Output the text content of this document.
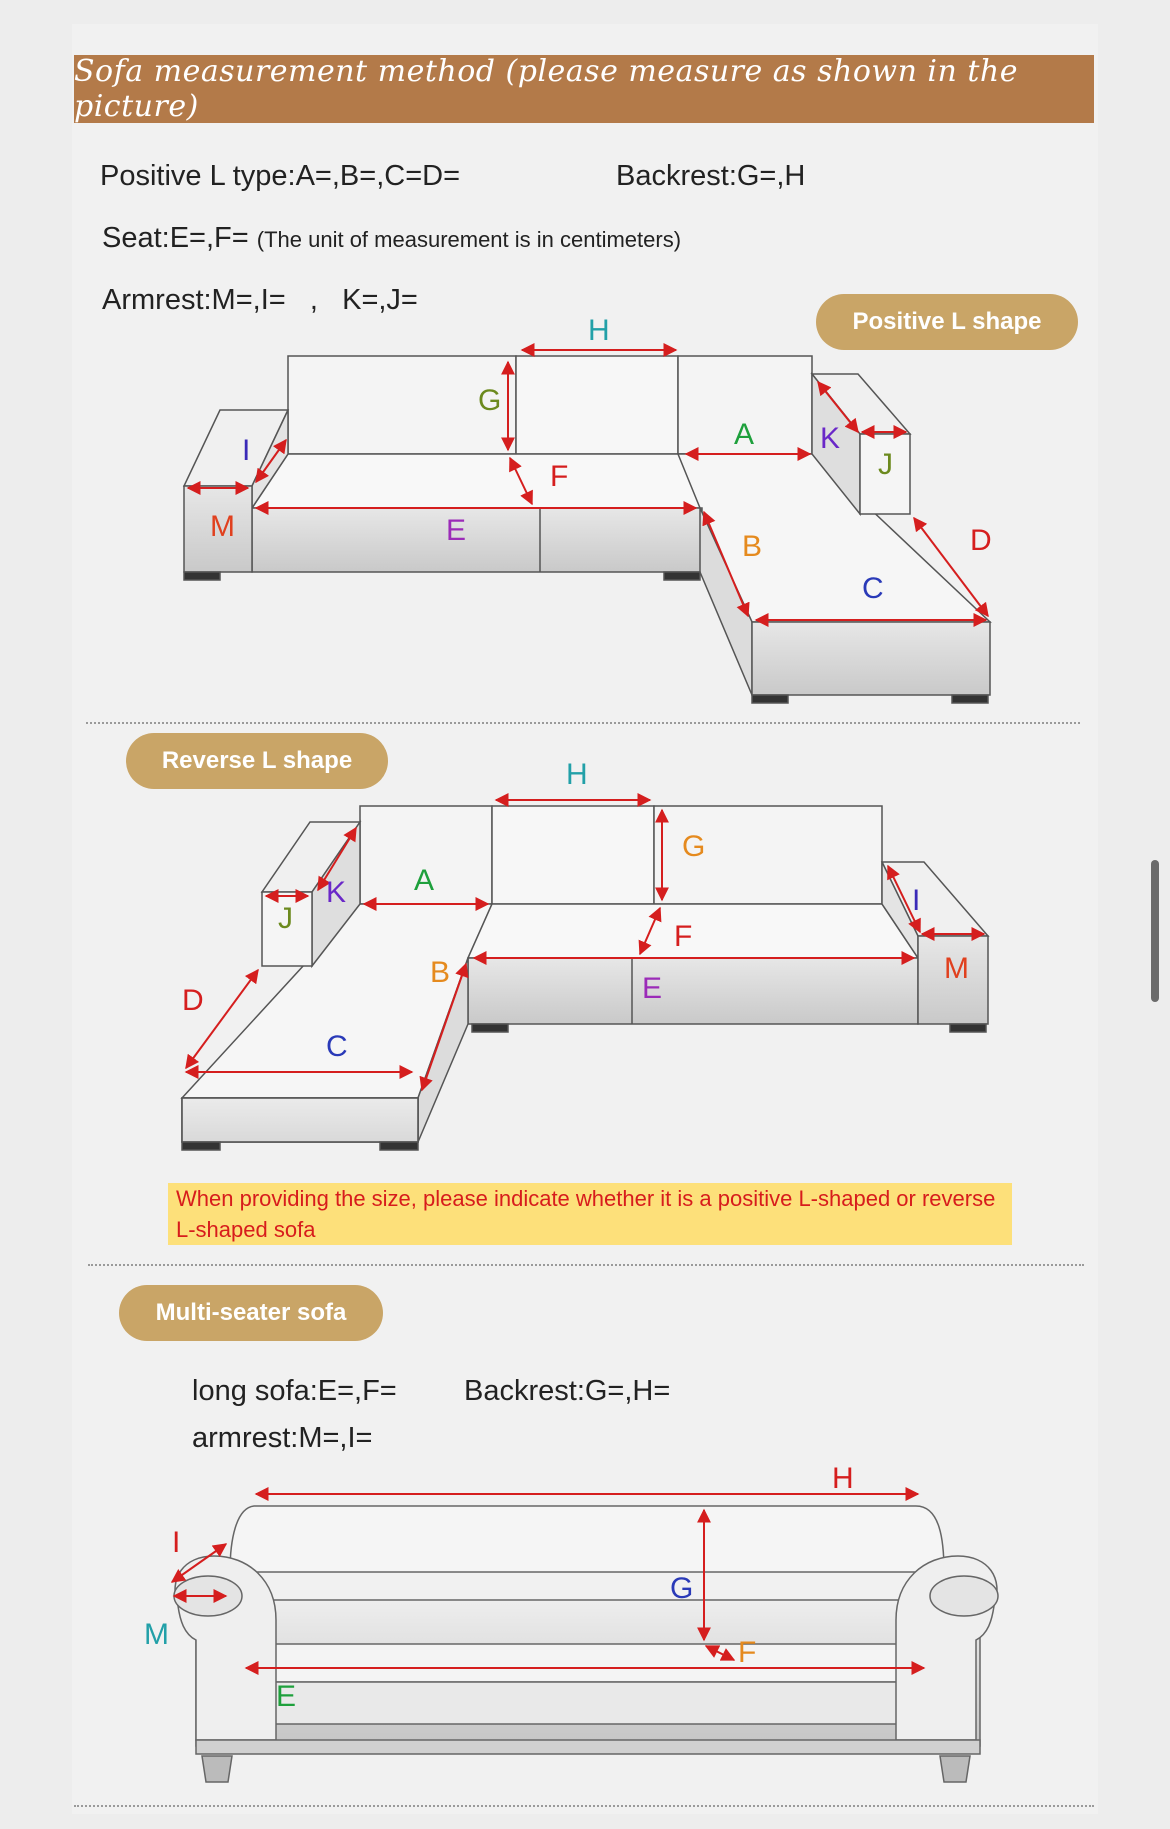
Sofa measurement method (please measure as shown in the picture)
Positive L type:A=,B=,C=D=	Backrest:G=,H
Seat:E=,F= (The unit of measurement is in centimeters)
Armrest:M=,I=   ,   K=,J=
Positive L shape
Reverse L shape
When providing the size, please indicate whether it is a positive L-shaped or reverse L-shaped sofa
Multi-seater sofa
long sofa:E=,F= Backrest:G=,H=
armrest:M=,I=
H
G
F
E
A
B
C
D
M
I	K
J
H
G
F
E
A
B
C
D
M
I
K
J
H
G
F
E
I
M
